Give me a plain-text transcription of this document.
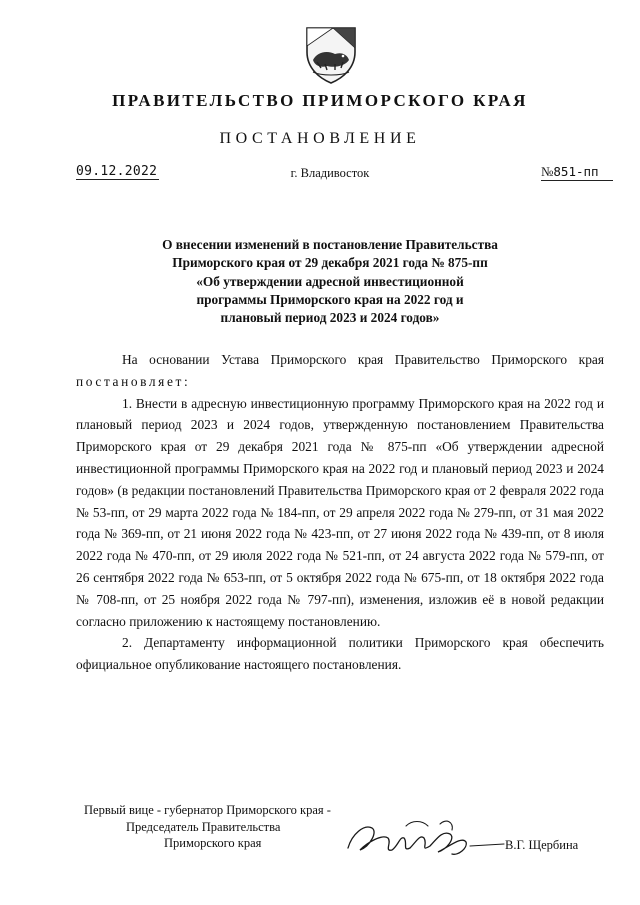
ПРАВИТЕЛЬСТВО ПРИМОРСКОГО КРАЯ
ПОСТАНОВЛЕНИЕ
09.12.2022	г. Владивосток	№851-пп
О внесении изменений в постановление Правительства
Приморского края от 29 декабря 2021 года № 875-пп
«Об утверждении адресной инвестиционной
программы Приморского края на 2022 год и
плановый период 2023 и 2024 годов»

На основании Устава Приморского края Правительство Приморского края постановляет:

1. Внести в адресную инвестиционную программу Приморского края на 2022 год и плановый период 2023 и 2024 годов, утвержденную постановлением Правительства Приморского края от 29 декабря 2021 года № 875-пп «Об утверждении адресной инвестиционной программы Приморского края на 2022 год и плановый период 2023 и 2024 годов» (в редакции постановлений Правительства Приморского края от 2 февраля 2022 года № 53-пп, от 29 марта 2022 года № 184-пп, от 29 апреля 2022 года № 279-пп, от 31 мая 2022 года № 369-пп, от 21 июня 2022 года № 423-пп, от 27 июня 2022 года № 439-пп, от 8 июля 2022 года № 470-пп, от 29 июля 2022 года № 521-пп, от 24 августа 2022 года № 579-пп, от 26 сентября 2022 года № 653-пп, от 5 октября 2022 года № 675-пп, от 18 октября 2022 года № 708-пп, от 25 ноября 2022 года № 797-пп), изменения, изложив её в новой редакции согласно приложению к настоящему постановлению.

2. Департаменту информационной политики Приморского края обеспечить официальное опубликование настоящего постановления.

Первый вице - губернатор Приморского края -
Председатель Правительства
Приморского края	В.Г. Щербина
